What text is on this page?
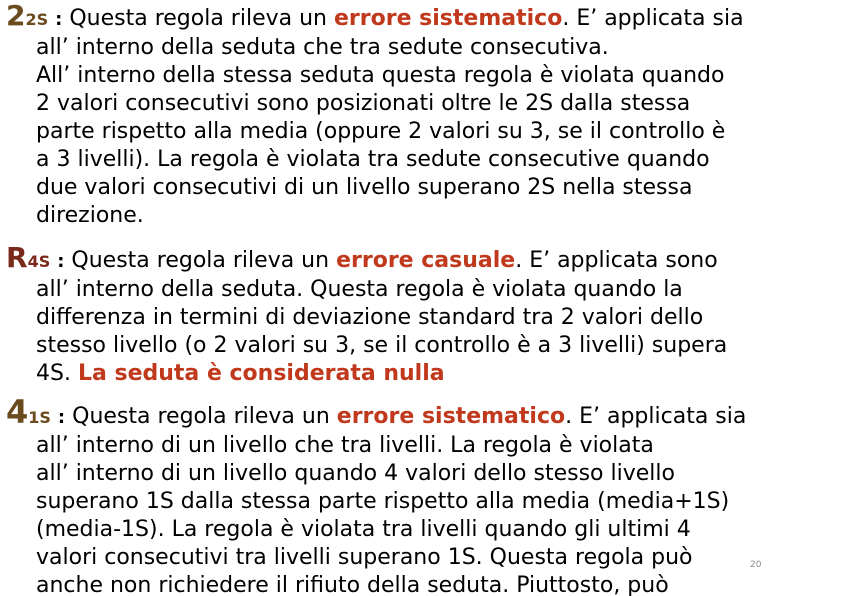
22S : Questa regola rileva un errore sistematico. E’ applicata sia
all’ interno della seduta che tra sedute consecutiva.
All’ interno della stessa seduta questa regola è violata quando
2 valori consecutivi sono posizionati oltre le 2S dalla stessa
parte rispetto alla media (oppure 2 valori su 3, se il controllo è
a 3 livelli). La regola è violata tra sedute consecutive quando
due valori consecutivi di un livello superano 2S nella stessa
direzione.
R4S : Questa regola rileva un errore casuale. E’ applicata sono
all’ interno della seduta. Questa regola è violata quando la
differenza in termini di deviazione standard tra 2 valori dello
stesso livello (o 2 valori su 3, se il controllo è a 3 livelli) supera
4S. La seduta è considerata nulla
41S : Questa regola rileva un errore sistematico. E’ applicata sia
all’ interno di un livello che tra livelli. La regola è violata
all’ interno di un livello quando 4 valori dello stesso livello
superano 1S dalla stessa parte rispetto alla media (media+1S)
(media-1S). La regola è violata tra livelli quando gli ultimi 4
valori consecutivi tra livelli superano 1S. Questa regola può
anche non richiedere il rifiuto della seduta. Piuttosto, può
20
